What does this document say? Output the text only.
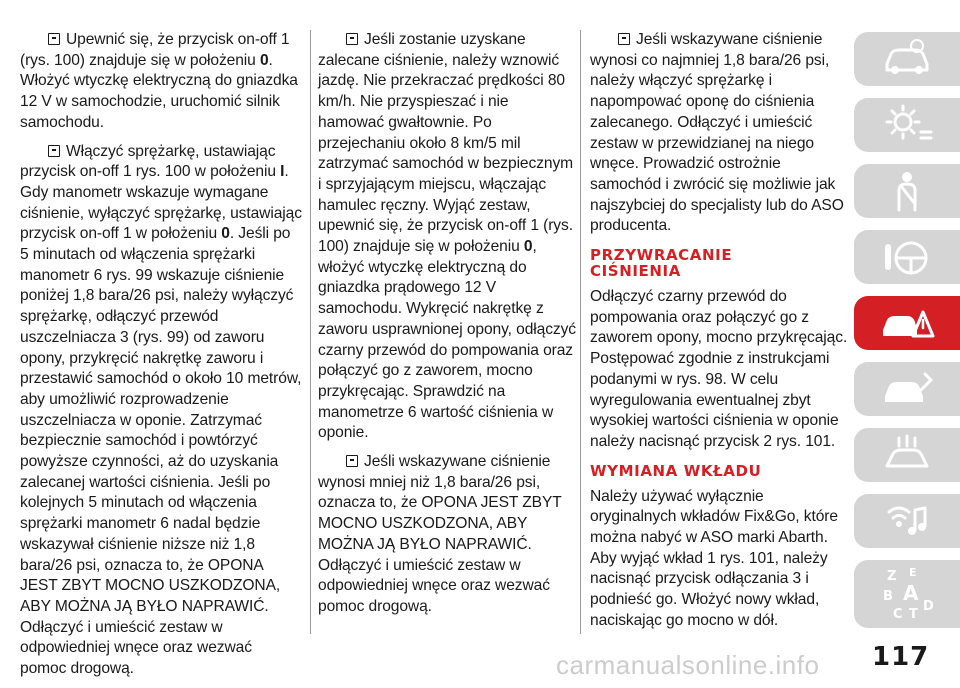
Upewnić się, że przycisk on-off 1 (rys. 100) znajduje się w położeniu 0. Włożyć wtyczkę elektryczną do gniazdka 12 V w samochodzie, uruchomić silnik samochodu.

Włączyć sprężarkę, ustawiając przycisk on-off 1 rys. 100 w położeniu I. Gdy manometr wskazuje wymagane ciśnienie, wyłączyć sprężarkę, ustawiając przycisk on-off 1 w położeniu 0. Jeśli po 5 minutach od włączenia sprężarki manometr 6 rys. 99 wskazuje ciśnienie poniżej 1,8 bara/26 psi, należy wyłączyć sprężarkę, odłączyć przewód uszczelniacza 3 (rys. 99) od zaworu opony, przykręcić nakrętkę zaworu i przestawić samochód o około 10 metrów, aby umożliwić rozprowadzenie uszczelniacza w oponie. Zatrzymać bezpiecznie samochód i powtórzyć powyższe czynności, aż do uzyskania zalecanej wartości ciśnienia. Jeśli po kolejnych 5 minutach od włączenia sprężarki manometr 6 nadal będzie wskazywał ciśnienie niższe niż 1,8 bara/26 psi, oznacza to, że OPONA JEST ZBYT MOCNO USZKODZONA, ABY MOŻNA JĄ BYŁO NAPRAWIĆ. Odłączyć i umieścić zestaw w odpowiedniej wnęce oraz wezwać pomoc drogową.

Jeśli zostanie uzyskane zalecane ciśnienie, należy wznowić jazdę. Nie przekraczać prędkości 80 km/h. Nie przyspieszać i nie hamować gwałtownie. Po przejechaniu około 8 km/5 mil zatrzymać samochód w bezpiecznym i sprzyjającym miejscu, włączając hamulec ręczny. Wyjąć zestaw, upewnić się, że przycisk on-off 1 (rys. 100) znajduje się w położeniu 0, włożyć wtyczkę elektryczną do gniazdka prądowego 12 V samochodu. Wykręcić nakrętkę z zaworu usprawnionej opony, odłączyć czarny przewód do pompowania oraz połączyć go z zaworem, mocno przykręcając. Sprawdzić na manometrze 6 wartość ciśnienia w oponie.

Jeśli wskazywane ciśnienie wynosi mniej niż 1,8 bara/26 psi, oznacza to, że OPONA JEST ZBYT MOCNO USZKODZONA, ABY MOŻNA JĄ BYŁO NAPRAWIĆ. Odłączyć i umieścić zestaw w odpowiedniej wnęce oraz wezwać pomoc drogową.

Jeśli wskazywane ciśnienie wynosi co najmniej 1,8 bara/26 psi, należy włączyć sprężarkę i napompować oponę do ciśnienia zalecanego. Odłączyć i umieścić zestaw w przewidzianej na niego wnęce. Prowadzić ostrożnie samochód i zwrócić się możliwie jak najszybciej do specjalisty lub do ASO producenta.

PRZYWRACANIE
CIŚNIENIA

Odłączyć czarny przewód do pompowania oraz połączyć go z zaworem opony, mocno przykręcając. Postępować zgodnie z instrukcjami podanymi w rys. 98. W celu wyregulowania ewentualnej zbyt wysokiej wartości ciśnienia w oponie należy nacisnąć przycisk 2 rys. 101.

WYMIANA WKŁADU

Należy używać wyłącznie oryginalnych wkładów Fix&Go, które można nabyć w ASO marki Abarth. Aby wyjąć wkład 1 rys. 101, należy nacisnąć przycisk odłączania 3 i podnieść go. Włożyć nowy wkład, naciskając go mocno w dół.

Z E
B A
C T
D
carmanualsonline.info 117
